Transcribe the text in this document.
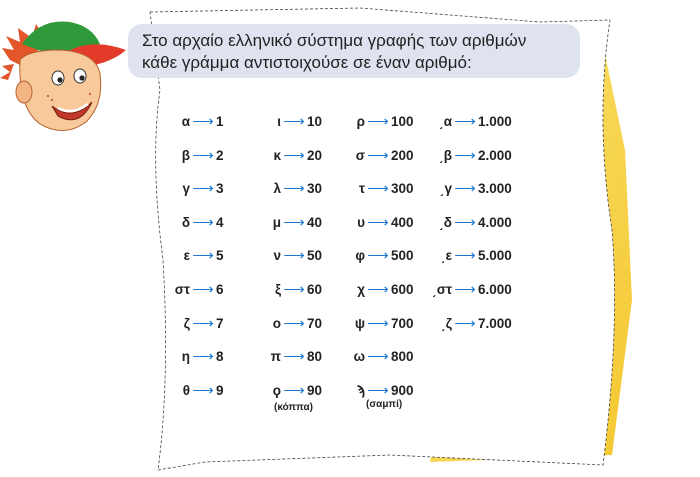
Στο αρχαίο ελληνικό σύστημα γραφής των αριθμών
κάθε γράμμα αντιστοιχούσε σε έναν αριθμό:
α ⟶ 1
β ⟶ 2
γ ⟶ 3
δ ⟶ 4
ε ⟶ 5
στ ⟶ 6
ζ ⟶ 7
η ⟶ 8
θ ⟶ 9
ι ⟶ 10
κ ⟶ 20
λ ⟶ 30
μ ⟶ 40
ν ⟶ 50
ξ ⟶ 60
ο ⟶ 70
π ⟶ 80
ϙ ⟶ 90
(κόππα)
ρ ⟶ 100
σ ⟶ 200
τ ⟶ 300
υ ⟶ 400
φ ⟶ 500
χ ⟶ 600
ψ ⟶ 700
ω ⟶ 800
ϡ ⟶ 900
(σαμπί)
͵α ⟶ 1.000
͵β ⟶ 2.000
͵γ ⟶ 3.000
͵δ ⟶ 4.000
͵ε ⟶ 5.000
͵στ ⟶ 6.000
͵ζ ⟶ 7.000
